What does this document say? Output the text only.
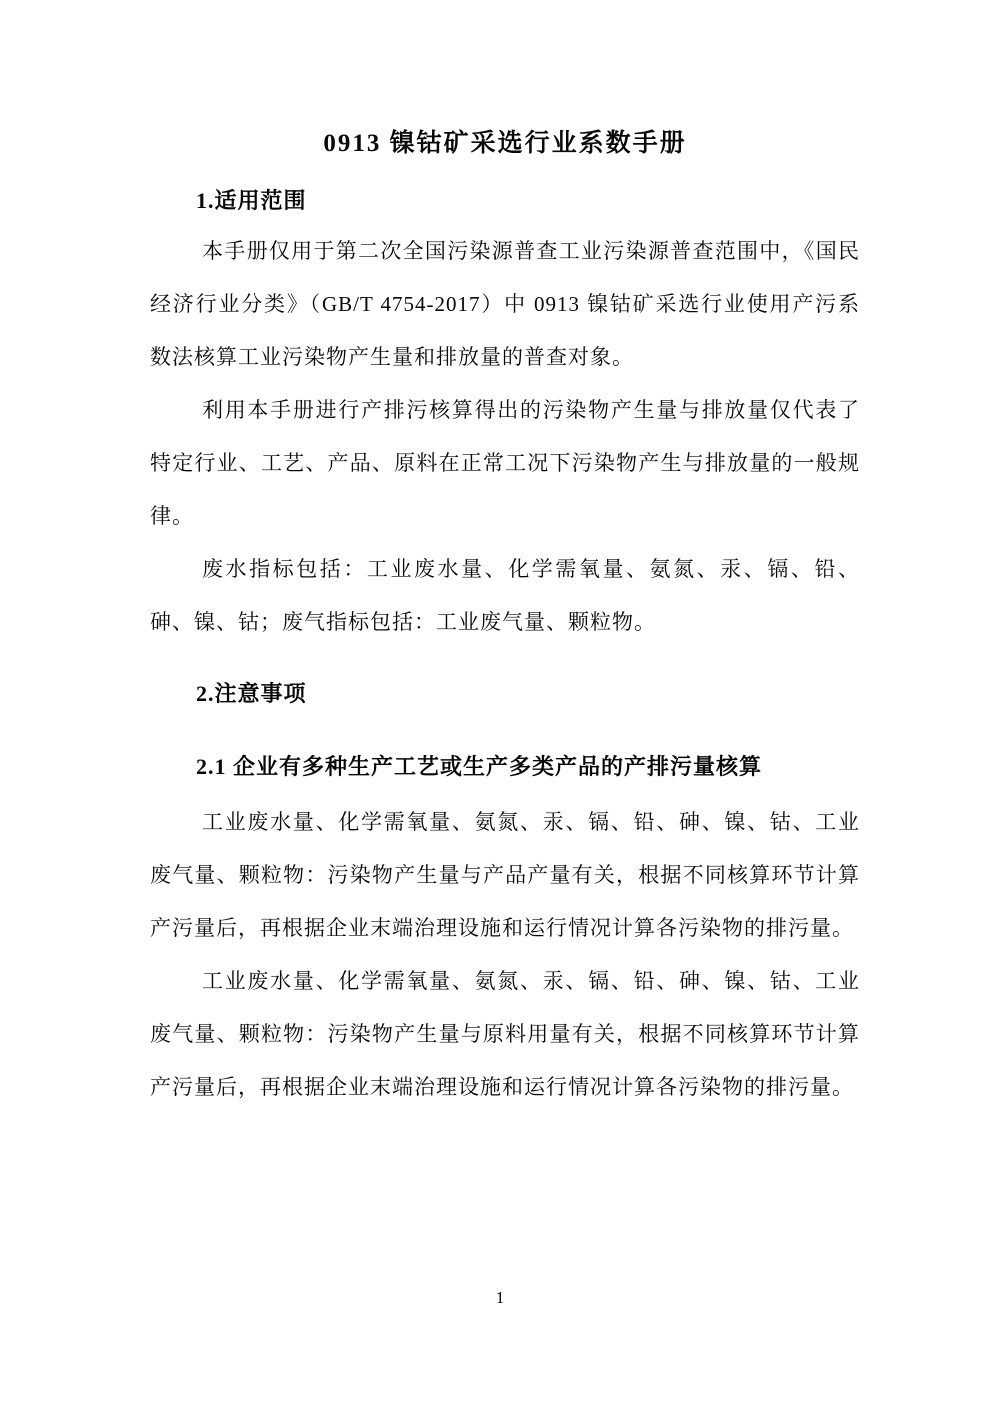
0913 镍钴矿采选行业系数手册
1.适用范围

本手册仅用于第二次全国污染源普查工业污染源普查范围中，《国民经济行业分类》（GB/T 4754-2017）中 0913 镍钴矿采选行业使用产污系数法核算工业污染物产生量和排放量的普查对象。

利用本手册进行产排污核算得出的污染物产生量与排放量仅代表了特定行业、工艺、产品、原料在正常工况下污染物产生与排放量的一般规律。

废水指标包括：工业废水量、化学需氧量、氨氮、汞、镉、铅、砷、镍、钴；废气指标包括：工业废气量、颗粒物。

2.注意事项
2.1 企业有多种生产工艺或生产多类产品的产排污量核算

工业废水量、化学需氧量、氨氮、汞、镉、铅、砷、镍、钴、工业废气量、颗粒物：污染物产生量与产品产量有关，根据不同核算环节计算产污量后，再根据企业末端治理设施和运行情况计算各污染物的排污量。

工业废水量、化学需氧量、氨氮、汞、镉、铅、砷、镍、钴、工业废气量、颗粒物：污染物产生量与原料用量有关，根据不同核算环节计算产污量后，再根据企业末端治理设施和运行情况计算各污染物的排污量。

1
